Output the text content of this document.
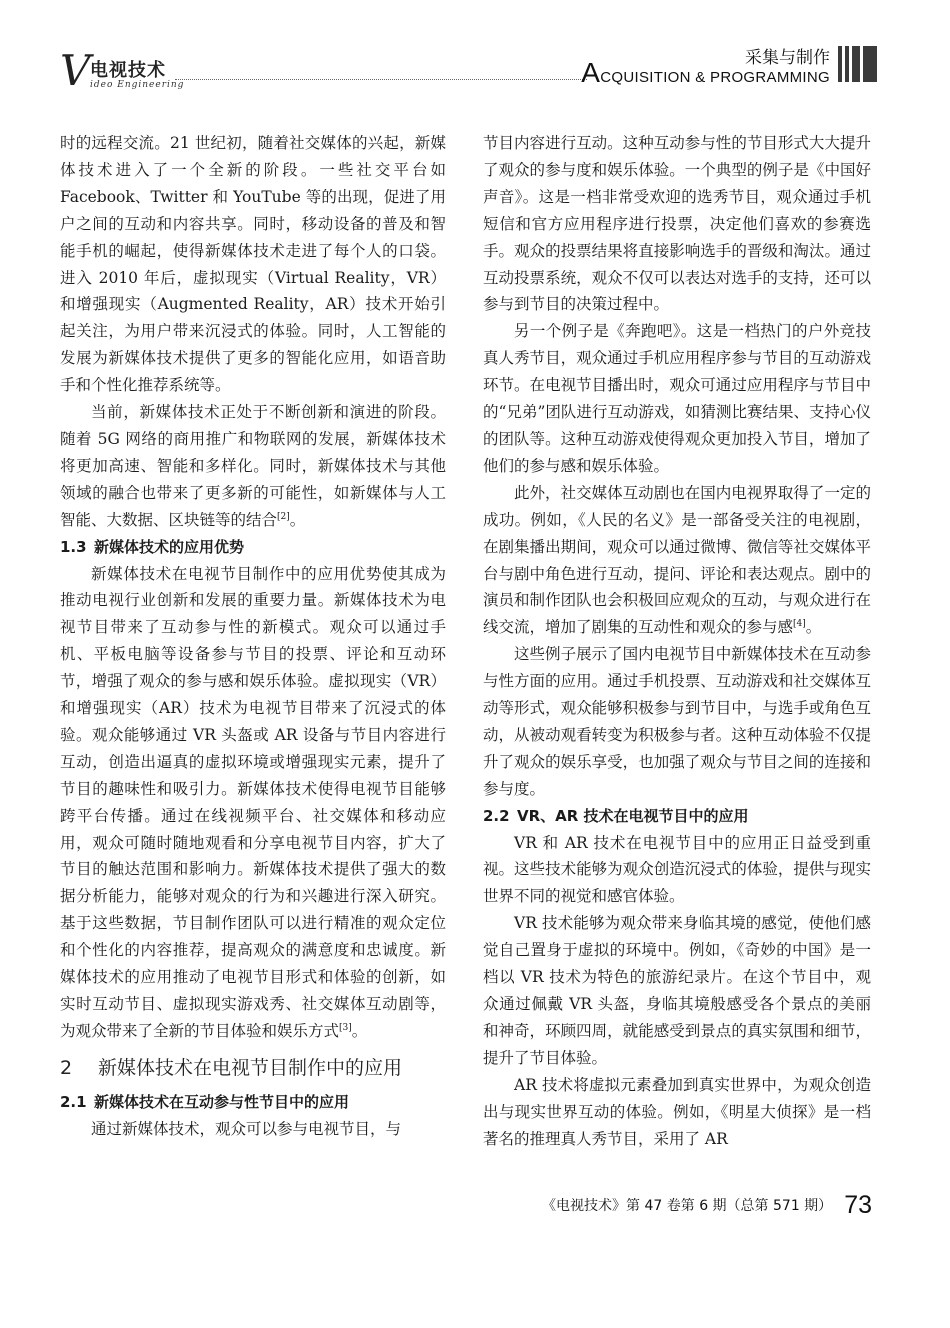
V 电视技术
ideo Engineering
采集与制作
ACQUISITION & PROGRAMMING

时的远程交流。21 世纪初，随着社交媒体的兴起，新媒体技术进入了一个全新的阶段。一些社交平台如 Facebook、Twitter 和 YouTube 等的出现，促进了用户之间的互动和内容共享。同时，移动设备的普及和智能手机的崛起，使得新媒体技术走进了每个人的口袋。进入 2010 年后，虚拟现实（Virtual Reality，VR）和增强现实（Augmented Reality，AR）技术开始引起关注，为用户带来沉浸式的体验。同时，人工智能的发展为新媒体技术提供了更多的智能化应用，如语音助手和个性化推荐系统等。

当前，新媒体技术正处于不断创新和演进的阶段。随着 5G 网络的商用推广和物联网的发展，新媒体技术将更加高速、智能和多样化。同时，新媒体技术与其他领域的融合也带来了更多新的可能性，如新媒体与人工智能、大数据、区块链等的结合[2]。

1.3 新媒体技术的应用优势

新媒体技术在电视节目制作中的应用优势使其成为推动电视行业创新和发展的重要力量。新媒体技术为电视节目带来了互动参与性的新模式。观众可以通过手机、平板电脑等设备参与节目的投票、评论和互动环节，增强了观众的参与感和娱乐体验。虚拟现实（VR）和增强现实（AR）技术为电视节目带来了沉浸式的体验。观众能够通过 VR 头盔或 AR 设备与节目内容进行互动，创造出逼真的虚拟环境或增强现实元素，提升了节目的趣味性和吸引力。新媒体技术使得电视节目能够跨平台传播。通过在线视频平台、社交媒体和移动应用，观众可随时随地观看和分享电视节目内容，扩大了节目的触达范围和影响力。新媒体技术提供了强大的数据分析能力，能够对观众的行为和兴趣进行深入研究。基于这些数据，节目制作团队可以进行精准的观众定位和个性化的内容推荐，提高观众的满意度和忠诚度。新媒体技术的应用推动了电视节目形式和体验的创新，如实时互动节目、虚拟现实游戏秀、社交媒体互动剧等，为观众带来了全新的节目体验和娱乐方式[3]。

2 新媒体技术在电视节目制作中的应用
2.1 新媒体技术在互动参与性节目中的应用

通过新媒体技术，观众可以参与电视节目，与

节目内容进行互动。这种互动参与性的节目形式大大提升了观众的参与度和娱乐体验。一个典型的例子是《中国好声音》。这是一档非常受欢迎的选秀节目，观众通过手机短信和官方应用程序进行投票，决定他们喜欢的参赛选手。观众的投票结果将直接影响选手的晋级和淘汰。通过互动投票系统，观众不仅可以表达对选手的支持，还可以参与到节目的决策过程中。

另一个例子是《奔跑吧》。这是一档热门的户外竞技真人秀节目，观众通过手机应用程序参与节目的互动游戏环节。在电视节目播出时，观众可通过应用程序与节目中的“兄弟”团队进行互动游戏，如猜测比赛结果、支持心仪的团队等。这种互动游戏使得观众更加投入节目，增加了他们的参与感和娱乐体验。

此外，社交媒体互动剧也在国内电视界取得了一定的成功。例如，《人民的名义》是一部备受关注的电视剧，在剧集播出期间，观众可以通过微博、微信等社交媒体平台与剧中角色进行互动，提问、评论和表达观点。剧中的演员和制作团队也会积极回应观众的互动，与观众进行在线交流，增加了剧集的互动性和观众的参与感[4]。

这些例子展示了国内电视节目中新媒体技术在互动参与性方面的应用。通过手机投票、互动游戏和社交媒体互动等形式，观众能够积极参与到节目中，与选手或角色互动，从被动观看转变为积极参与者。这种互动体验不仅提升了观众的娱乐享受，也加强了观众与节目之间的连接和参与度。

2.2 VR、AR 技术在电视节目中的应用

VR 和 AR 技术在电视节目中的应用正日益受到重视。这些技术能够为观众创造沉浸式的体验，提供与现实世界不同的视觉和感官体验。

VR 技术能够为观众带来身临其境的感觉，使他们感觉自己置身于虚拟的环境中。例如，《奇妙的中国》是一档以 VR 技术为特色的旅游纪录片。在这个节目中，观众通过佩戴 VR 头盔，身临其境般感受各个景点的美丽和神奇，环顾四周，就能感受到景点的真实氛围和细节，提升了节目体验。

AR 技术将虚拟元素叠加到真实世界中，为观众创造出与现实世界互动的体验。例如，《明星大侦探》是一档著名的推理真人秀节目，采用了 AR

《电视技术》第 47 卷第 6 期（总第 571 期） 73
